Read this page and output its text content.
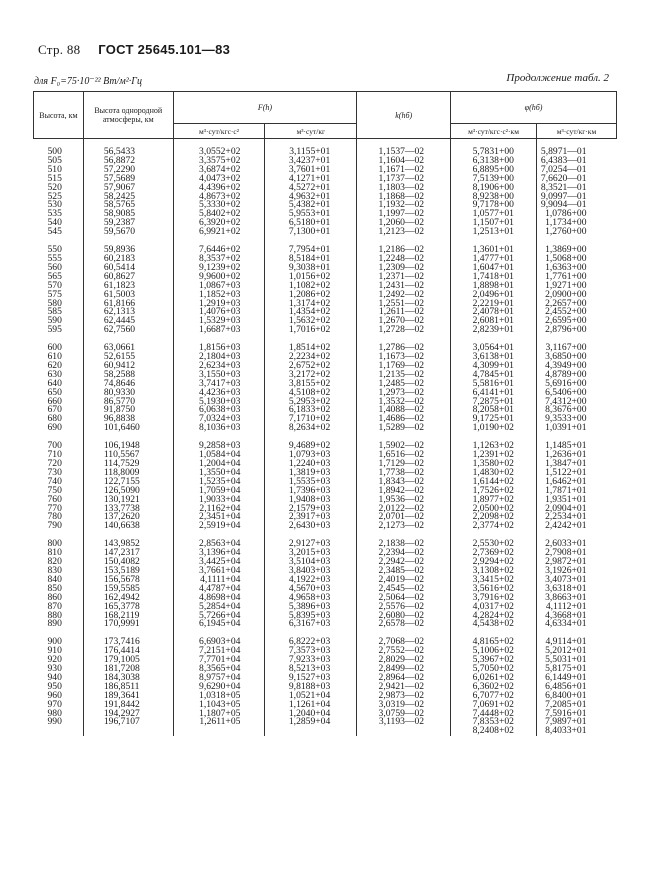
Стр. 88 ГОСТ 25645.101—83
для F₀=75·10⁻²² Вт/м²·Гц	Продолжение табл. 2
Высота, км	Высота однородной атмосферы, км	F(h)		k(hб)	φ(hб)	
		м³·сут/кгс·с²	м³·сут/кг		м³·сут/кгс·с²·км	м³·сут/кг·км

500	56,5433	3,0552+02	3,1155+01	1,1537—02	5,7831+00	5,8971—01
505	56,8872	3,3575+02	3,4237+01	1,1604—02	6,3138+00	6,4383—01
510	57,2290	3,6874+02	3,7601+01	1,1671—02	6,8895+00	7,0254—01
515	57,5689	4,0473+02	4,1271+01	1,1737—02	7,5139+00	7,6620—01
520	57,9067	4,4396+02	4,5272+01	1,1803—02	8,1906+00	8,3521—01
525	58,2425	4,8673+02	4,9632+01	1,1868—02	8,9238+00	9,0997—01
530	58,5765	5,3330+02	5,4382+01	1,1932—02	9,7178+00	9,9094—01
535	58,9085	5,8402+02	5,9553+01	1,1997—02	1,0577+01	1,0786+00
540	59,2387	6,3920+02	6,5180+01	1,2060—02	1,1507+01	1,1734+00
545	59,5670	6,9921+02	7,1300+01	1,2123—02	1,2513+01	1,2760+00

550	59,8936	7,6446+02	7,7954+01	1,2186—02	1,3601+01	1,3869+00
555	60,2183	8,3537+02	8,5184+01	1,2248—02	1,4777+01	1,5068+00
560	60,5414	9,1239+02	9,3038+01	1,2309—02	1,6047+01	1,6363+00
565	60,8627	9,9600+02	1,0156+02	1,2371—02	1,7418+01	1,7761+00
570	61,1823	1,0867+03	1,1082+02	1,2431—02	1,8898+01	1,9271+00
575	61,5003	1,1852+03	1,2086+02	1,2492—02	2,0496+01	2,0900+00
580	61,8166	1,2919+03	1,3174+02	1,2551—02	2,2219+01	2,2657+00
585	62,1313	1,4076+03	1,4354+02	1,2611—02	2,4078+01	2,4552+00
590	62,4445	1,5329+03	1,5632+02	1,2670—02	2,6081+01	2,6595+00
595	62,7560	1,6687+03	1,7016+02	1,2728—02	2,8239+01	2,8796+00

600	63,0661	1,8156+03	1,8514+02	1,2786—02	3,0564+01	3,1167+00
610	52,6155	2,1804+03	2,2234+02	1,1673—02	3,6138+01	3,6850+00
620	60,9412	2,6234+03	2,6752+02	1,1769—02	4,3099+01	4,3949+00
630	58,2588	3,1550+03	3,2172+02	1,2135—02	4,7845+01	4,8789+00
640	74,8646	3,7417+03	3,8155+02	1,2485—02	5,5816+01	5,6916+00
650	80,9330	4,4236+03	4,5108+02	1,2973—02	6,4141+01	6,5406+00
660	86,5770	5,1930+03	5,2953+02	1,3532—02	7,2875+01	7,4312+00
670	91,8750	6,0638+03	6,1833+02	1,4088—02	8,2058+01	8,3676+00
680	96,8838	7,0324+03	7,1710+02	1,4686—02	9,1725+01	9,3533+00
690	101,6460	8,1036+03	8,2634+02	1,5289—02	1,0190+02	1,0391+01

700	106,1948	9,2858+03	9,4689+02	1,5902—02	1,1263+02	1,1485+01
710	110,5567	1,0584+04	1,0793+03	1,6516—02	1,2391+02	1,2636+01
720	114,7529	1,2004+04	1,2240+03	1,7129—02	1,3580+02	1,3847+01
730	118,8009	1,3550+04	1,3819+03	1,7738—02	1,4830+02	1,5122+01
740	122,7155	1,5235+04	1,5535+03	1,8343—02	1,6144+02	1,6462+01
750	126,5090	1,7059+04	1,7396+03	1,8942—02	1,7526+02	1,7871+01
760	130,1921	1,9033+04	1,9408+03	1,9536—02	1,8977+02	1,9351+01
770	133,7738	2,1162+04	2,1579+03	2,0122—02	2,0500+02	2,0904+01
780	137,2620	2,3451+04	2,3917+03	2,0701—02	2,2098+02	2,2534+01
790	140,6638	2,5919+04	2,6430+03	2,1273—02	2,3774+02	2,4242+01

800	143,9852	2,8563+04	2,9127+03	2,1838—02	2,5530+02	2,6033+01
810	147,2317	3,1396+04	3,2015+03	2,2394—02	2,7369+02	2,7908+01
820	150,4082	3,4425+04	3,5104+03	2,2942—02	2,9294+02	2,9872+01
830	153,5189	3,7661+04	3,8403+03	2,3485—02	3,1308+02	3,1926+01
840	156,5678	4,1111+04	4,1922+03	2,4019—02	3,3415+02	3,4073+01
850	159,5585	4,4787+04	4,5670+03	2,4545—02	3,5616+02	3,6318+01
860	162,4942	4,8698+04	4,9658+03	2,5064—02	3,7916+02	3,8663+01
870	165,3778	5,2854+04	5,3896+03	2,5576—02	4,0317+02	4,1112+01
880	168,2119	5,7266+04	5,8395+03	2,6080—02	4,2824+02	4,3668+01
890	170,9991	6,1945+04	6,3167+03	2,6578—02	4,5438+02	4,6334+01

900	173,7416	6,6903+04	6,8222+03	2,7068—02	4,8165+02	4,9114+01
910	176,4414	7,2151+04	7,3573+03	2,7552—02	5,1006+02	5,2012+01
920	179,1005	7,7701+04	7,9233+03	2,8029—02	5,3967+02	5,5031+01
930	181,7208	8,3565+04	8,5213+03	2,8499—02	5,7050+02	5,8175+01
940	184,3038	8,9757+04	9,1527+03	2,8964—02	6,0261+02	6,1449+01
950	186,8511	9,6290+04	9,8188+03	2,9421—02	6,3602+02	6,4856+01
960	189,3641	1,0318+05	1,0521+04	2,9873—02	6,7077+02	6,8400+01
970	191,8442	1,1043+05	1,1261+04	3,0319—02	7,0691+02	7,2085+01
980	194,2927	1,1807+05	1,2040+04	3,0759—02	7,4448+02	7,5916+01
990	196,7107	1,2611+05	1,2859+04	3,1193—02	7,8353+02	7,9897+01
					8,2408+02	8,4033+01
